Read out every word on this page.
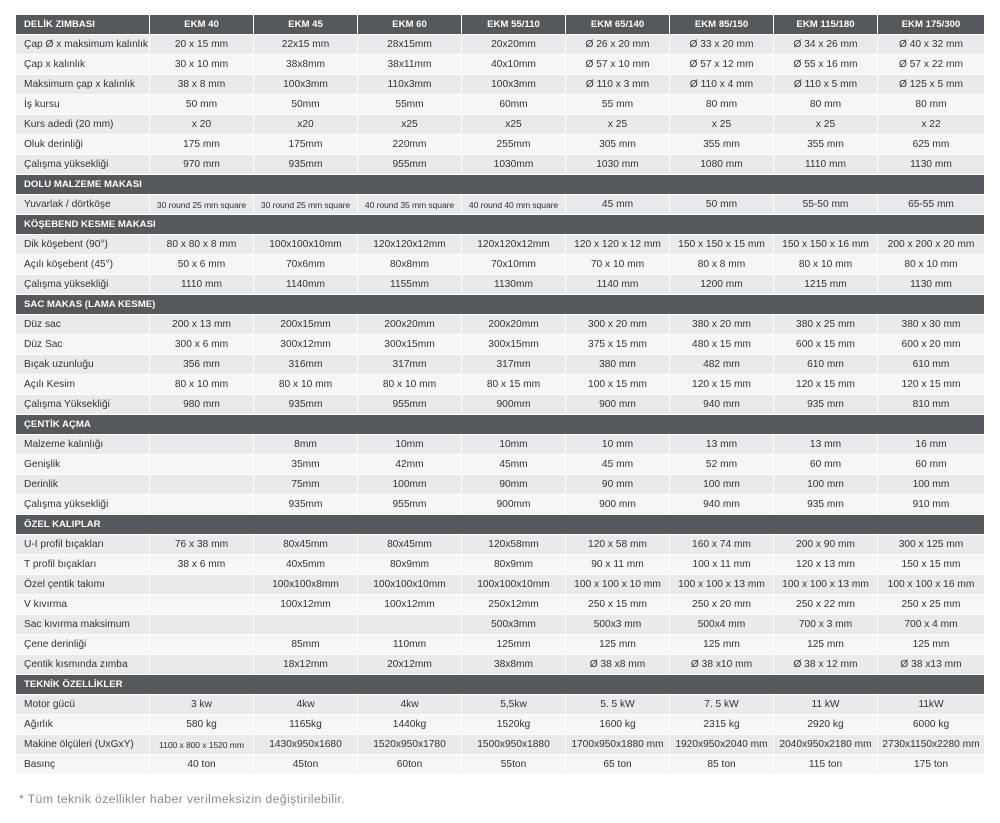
DELİK ZIMBASI	EKM 40	EKM 45	EKM 60	EKM 55/110	EKM 65/140	EKM 85/150	EKM 115/180	EKM 175/300
Çap Ø x maksimum kalınlık	20 x 15 mm	22x15 mm	28x15mm	20x20mm	Ø 26 x 20 mm	Ø 33 x 20 mm	Ø 34 x 26 mm	Ø 40 x 32 mm
Çap x kalınlık	30 x 10 mm	38x8mm	38x11mm	40x10mm	Ø 57 x 10 mm	Ø 57 x 12 mm	Ø 55 x 16 mm	Ø 57 x 22 mm
Maksimum çap x kalınlık	38 x 8 mm	100x3mm	110x3mm	100x3mm	Ø 110 x 3 mm	Ø 110 x 4 mm	Ø 110 x 5 mm	Ø 125 x 5 mm
İş kursu	50 mm	50mm	55mm	60mm	55 mm	80 mm	80 mm	80 mm
Kurs adedi (20 mm)	x 20	x20	x25	x25	x 25	x 25	x 25	x 22
Oluk derinliği	175 mm	175mm	220mm	255mm	305 mm	355 mm	355 mm	625 mm
Çalışma yüksekliği	970 mm	935mm	955mm	1030mm	1030 mm	1080 mm	1110 mm	1130 mm
DOLU MALZEME MAKASI								
Yuvarlak / dörtköşe	30 round 25 mm square	30 round 25 mm square	40 round 35 mm square	40 round 40 mm square	45 mm	50 mm	55-50 mm	65-55 mm
KÖŞEBEND KESME MAKASI								
Dik köşebent (90°)	80 x 80 x 8 mm	100x100x10mm	120x120x12mm	120x120x12mm	120 x 120 x 12 mm	150 x 150 x 15 mm	150 x 150 x 16 mm	200 x 200 x 20 mm
Açılı köşebent (45°)	50 x 6 mm	70x6mm	80x8mm	70x10mm	70 x 10 mm	80 x 8 mm	80 x 10 mm	80 x 10 mm
Çalışma yüksekliği	1110 mm	1140mm	1155mm	1130mm	1140 mm	1200 mm	1215 mm	1130 mm
SAC MAKAS (LAMA KESME)								
Düz sac	200 x 13 mm	200x15mm	200x20mm	200x20mm	300 x 20 mm	380 x 20 mm	380 x 25 mm	380 x 30 mm
Düz Sac	300 x 6 mm	300x12mm	300x15mm	300x15mm	375 x 15 mm	480 x 15 mm	600 x 15 mm	600 x 20 mm
Bıçak uzunluğu	356 mm	316mm	317mm	317mm	380 mm	482 mm	610 mm	610 mm
Açılı Kesim	80 x 10 mm	80 x 10 mm	80 x 10 mm	80 x 15 mm	100 x 15 mm	120 x 15 mm	120 x 15 mm	120 x 15 mm
Çalışma Yüksekliği	980 mm	935mm	955mm	900mm	900 mm	940 mm	935 mm	810 mm
ÇENTİK AÇMA								
Malzeme kalınlığı		8mm	10mm	10mm	10 mm	13 mm	13 mm	16 mm
Genişlik		35mm	42mm	45mm	45 mm	52 mm	60 mm	60 mm
Derinlik		75mm	100mm	90mm	90 mm	100 mm	100 mm	100 mm
Çalışma yüksekliği		935mm	955mm	900mm	900 mm	940 mm	935 mm	910 mm
ÖZEL KALIPLAR								
U-I profil bıçakları	76 x 38 mm	80x45mm	80x45mm	120x58mm	120 x 58 mm	160 x 74 mm	200 x 90 mm	300 x 125 mm
T profil bıçakları	38 x 6 mm	40x5mm	80x9mm	80x9mm	90 x 11 mm	100 x 11 mm	120 x 13 mm	150 x 15 mm
Özel çentik takımı		100x100x8mm	100x100x10mm	100x100x10mm	100 x 100 x 10 mm	100 x 100 x 13 mm	100 x 100 x 13 mm	100 x 100 x 16 mm
V kıvırma		100x12mm	100x12mm	250x12mm	250 x 15 mm	250 x 20 mm	250 x 22 mm	250 x 25 mm
Sac kıvırma maksimum				500x3mm	500x3 mm	500x4 mm	700 x 3 mm	700 x 4 mm
Çene derinliği		85mm	110mm	125mm	125 mm	125 mm	125 mm	125 mm
Çentik kısmında zımba		18x12mm	20x12mm	38x8mm	Ø 38 x8 mm	Ø 38 x10 mm	Ø 38 x 12 mm	Ø 38 x13 mm
TEKNİK ÖZELLİKLER								
Motor gücü	3 kw	4kw	4kw	5,5kw	5. 5 kW	7. 5 kW	11 kW	11kW
Ağırlık	580 kg	1165kg	1440kg	1520kg	1600 kg	2315 kg	2920 kg	6000 kg
Makine ölçüleri (UxGxY)	1100 x 800 x 1520 mm	1430x950x1680	1520x950x1780	1500x950x1880	1700x950x1880 mm	1920x950x2040 mm	2040x950x2180 mm	2730x1150x2280 mm
Basınç	40 ton	45ton	60ton	55ton	65 ton	85 ton	115 ton	175 ton
* Tüm teknik özellikler haber verilmeksizin değiştirilebilir.
